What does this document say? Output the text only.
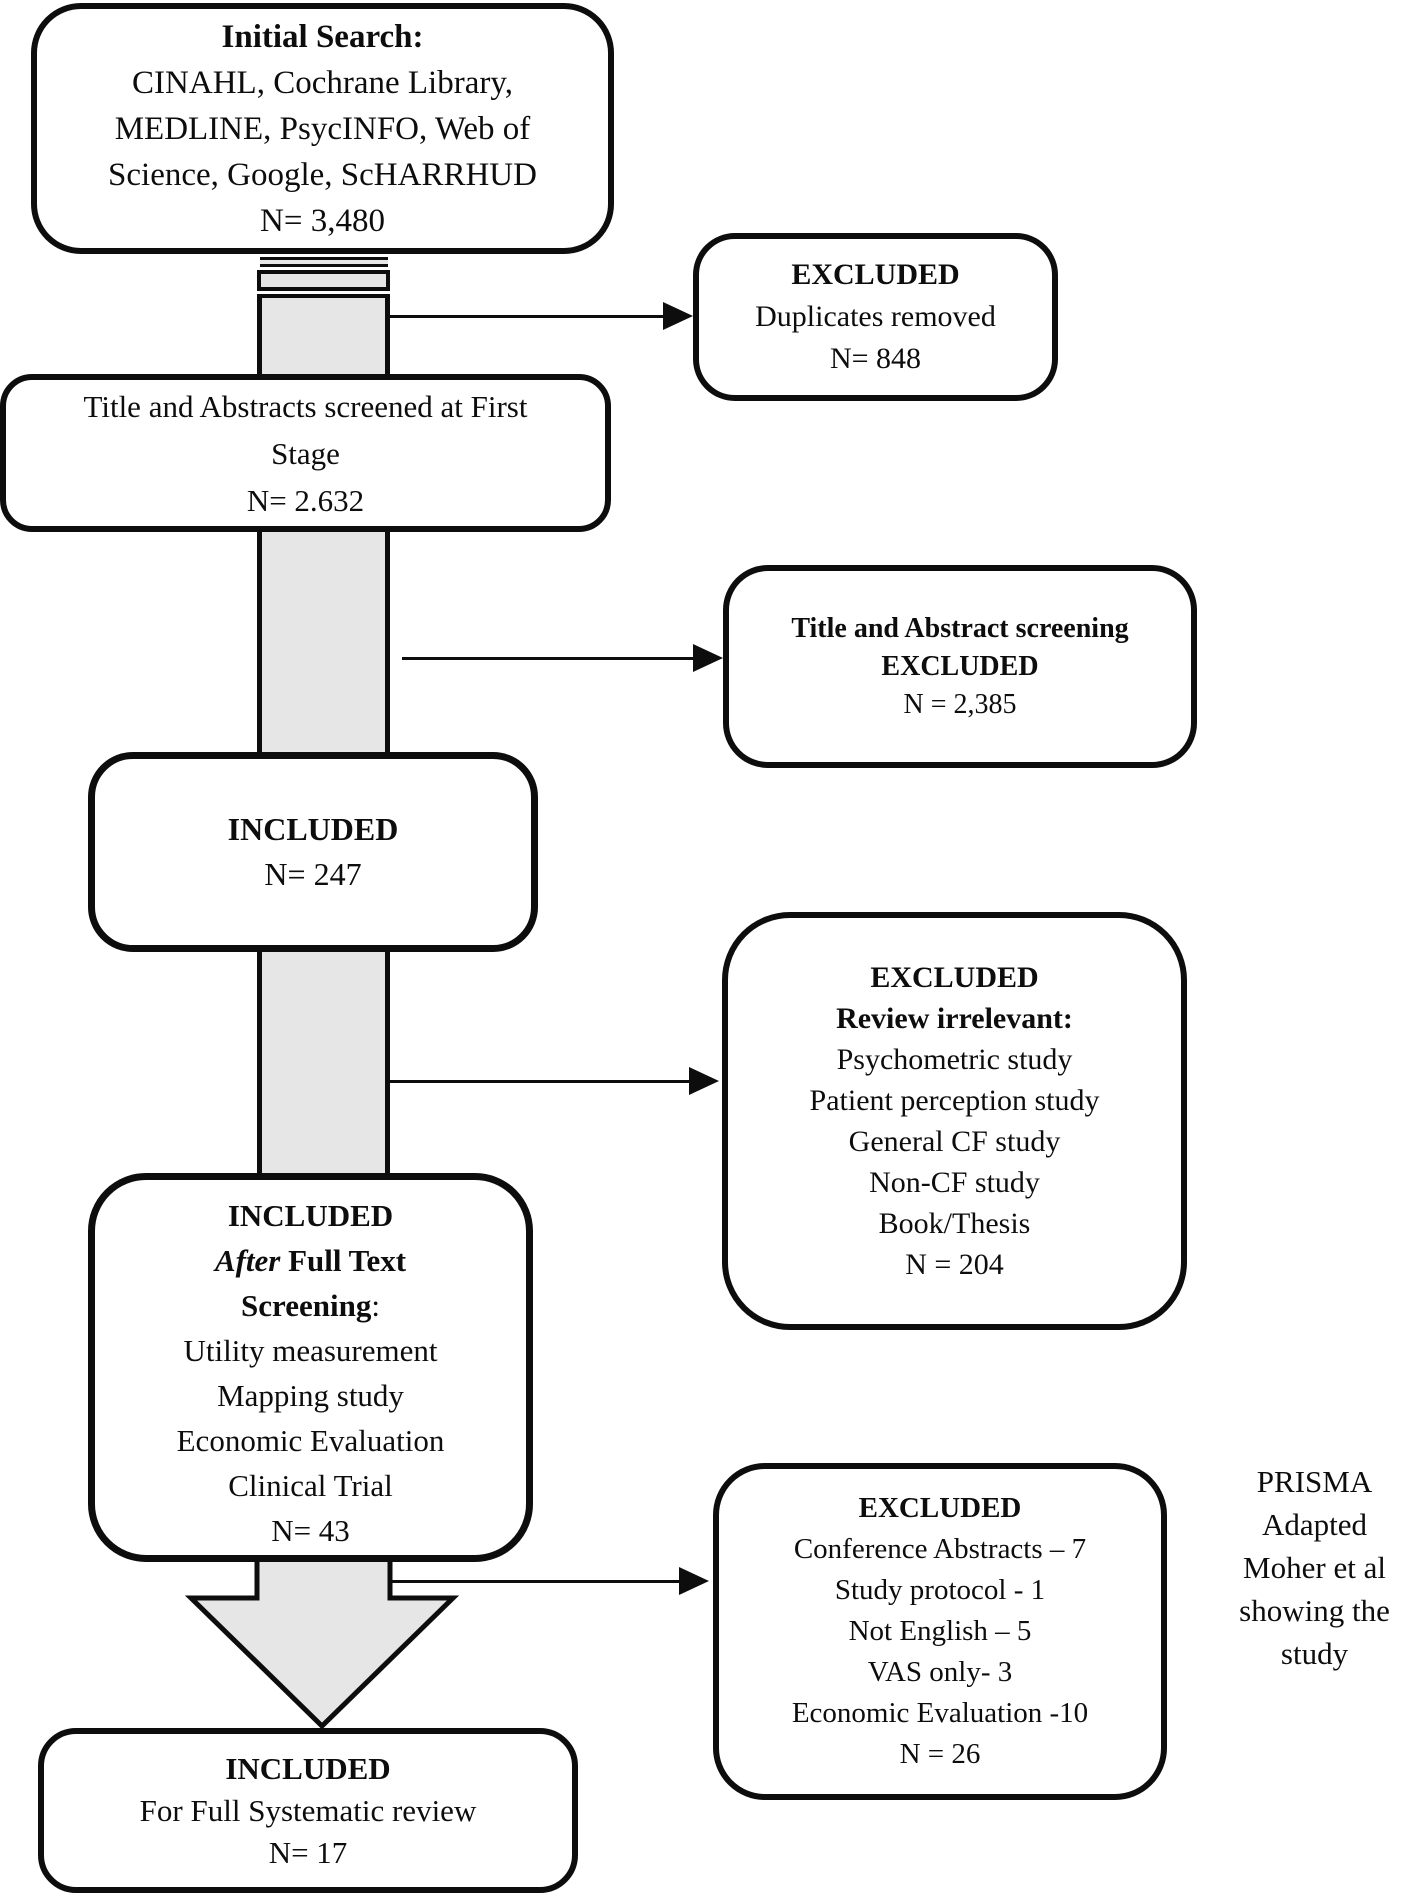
Initial Search:
CINAHL, Cochrane Library,
MEDLINE, PsycINFO, Web of
Science, Google, ScHARRHUD
N= 3,480
EXCLUDED
Duplicates removed
N= 848
Title and Abstracts screened at First
Stage
N= 2.632
Title and Abstract screening
EXCLUDED
N = 2,385
INCLUDED
N= 247
EXCLUDED
Review irrelevant:
Psychometric study
Patient perception study
General CF study
Non-CF study
Book/Thesis
N = 204
INCLUDED
After Full Text
Screening:
Utility measurement
Mapping study
Economic Evaluation
Clinical Trial
N= 43
EXCLUDED
Conference Abstracts – 7
Study protocol - 1
Not English – 5
VAS only- 3
Economic Evaluation -10
N = 26
INCLUDED
For Full Systematic review
N= 17
PRISMA
Adapted
Moher et al
showing the
study
